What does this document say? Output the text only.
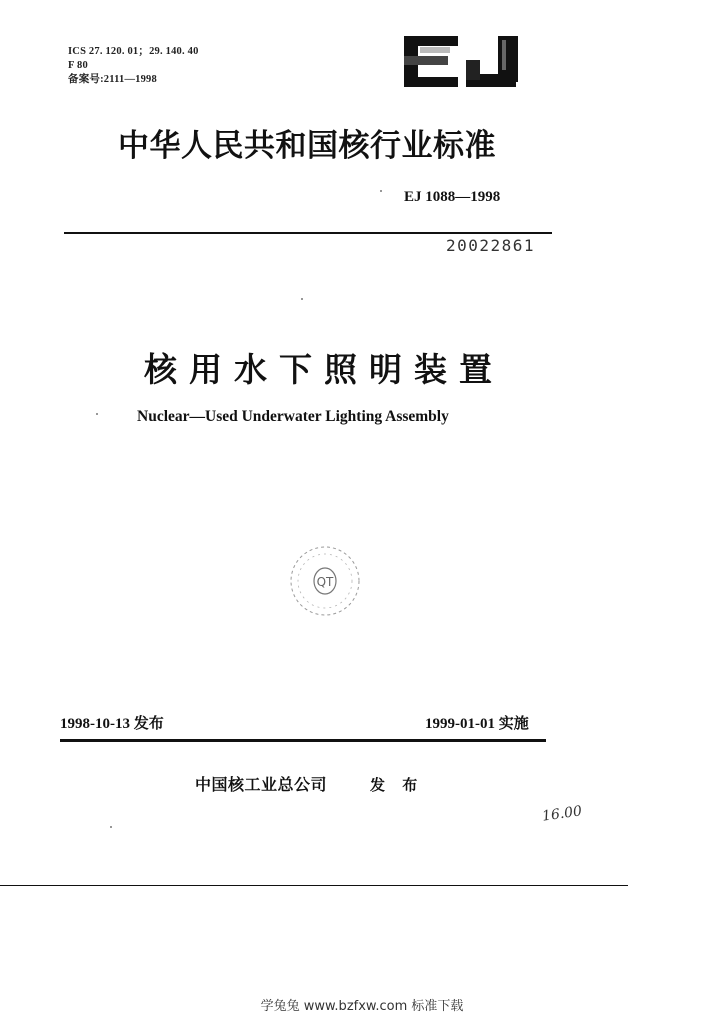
ICS 27. 120. 01；29. 140. 40
F 80
备案号:2111—1998
中华人民共和国核行业标准
EJ 1088—1998
20022861
核用水下照明装置
Nuclear—Used Underwater Lighting Assembly
QT
1998-10-13 发布	1999-01-01 实施
中国核工业总公司	发 布
16.00
学兔兔 www.bzfxw.com 标准下载
